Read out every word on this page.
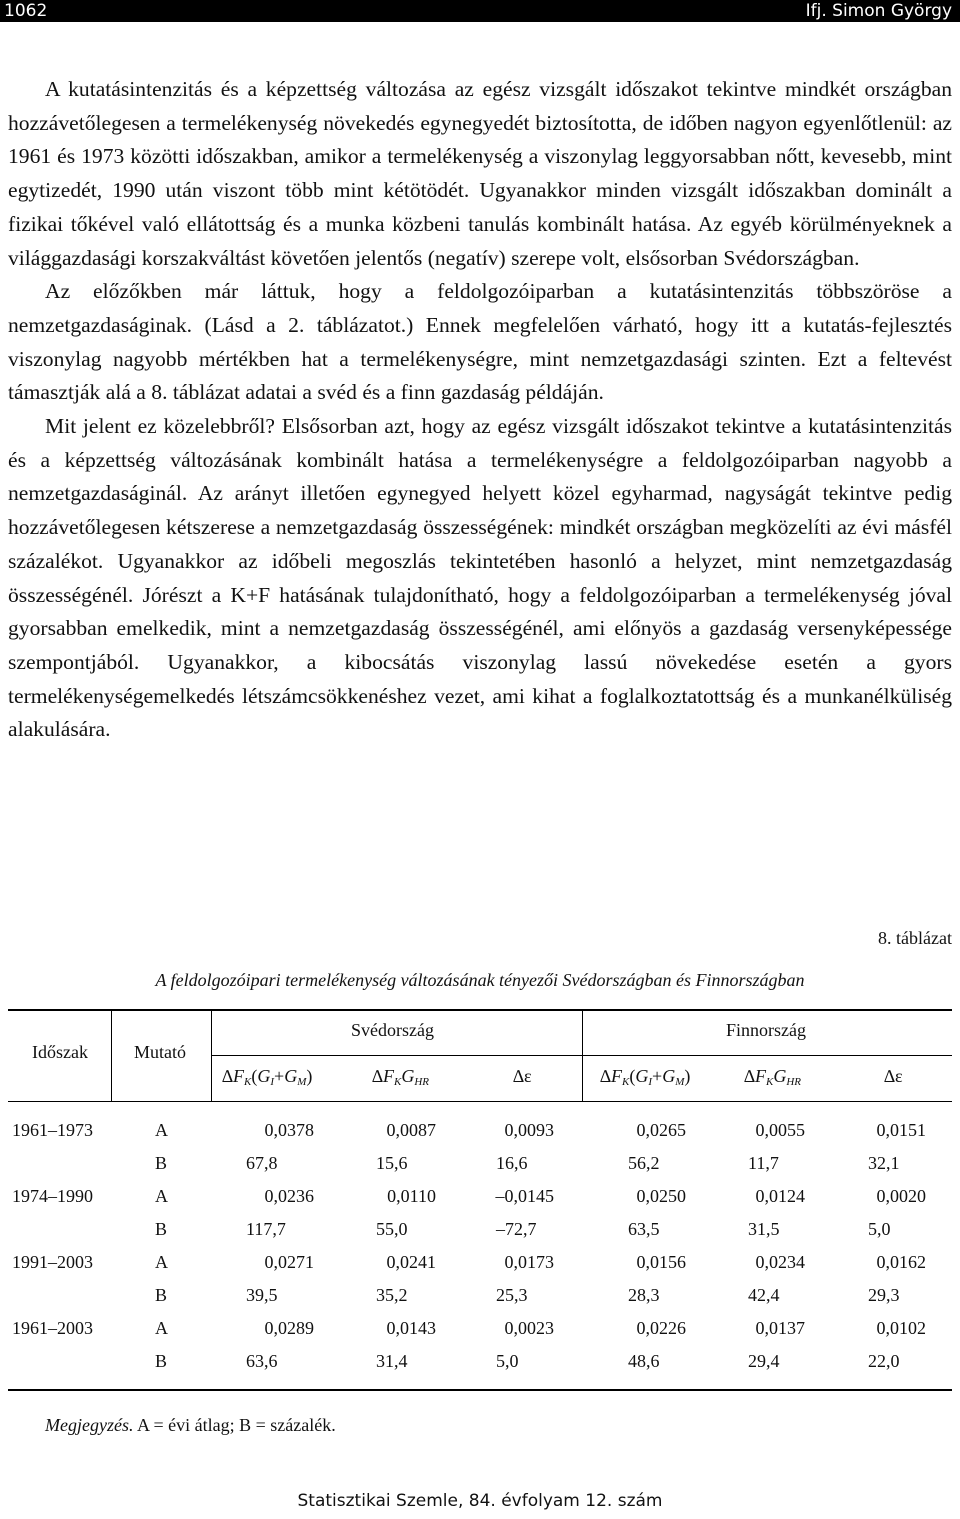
1062	Ifj. Simon György

A kutatásintenzitás és a képzettség változása az egész vizsgált időszakot tekintve mindkét országban hozzávetőlegesen a termelékenység növekedés egynegyedét biztosította, de időben nagyon egyenlőtlenül: az 1961 és 1973 közötti időszakban, amikor a termelékenység a viszonylag leggyorsabban nőtt, kevesebb, mint egytizedét, 1990 után viszont több mint kétötödét. Ugyanakkor minden vizsgált időszakban dominált a fizikai tőkével való ellátottság és a munka közbeni tanulás kombinált hatása. Az egyéb körülményeknek a világgazdasági korszakváltást követően jelentős (negatív) szerepe volt, elsősorban Svédországban.

Az előzőkben már láttuk, hogy a feldolgozóiparban a kutatásintenzitás többszöröse a nemzetgazdaságinak. (Lásd a 2. táblázatot.) Ennek megfelelően várható, hogy itt a kutatás-fejlesztés viszonylag nagyobb mértékben hat a termelékenységre, mint nemzetgazdasági szinten. Ezt a feltevést támasztják alá a 8. táblázat adatai a svéd és a finn gazdaság példáján.

Mit jelent ez közelebbről? Elsősorban azt, hogy az egész vizsgált időszakot tekintve a kutatásintenzitás és a képzettség változásának kombinált hatása a termelékenységre a feldolgozóiparban nagyobb a nemzetgazdaságinál. Az arányt illetően egynegyed helyett közel egyharmad, nagyságát tekintve pedig hozzávetőlegesen kétszerese a nemzetgazdaság összességének: mindkét országban megközelíti az évi másfél százalékot. Ugyanakkor az időbeli megoszlás tekintetében hasonló a helyzet, mint nemzetgazdaság összességénél. Jórészt a K+F hatásának tulajdonítható, hogy a feldolgozóiparban a termelékenység jóval gyorsabban emelkedik, mint a nemzetgazdaság összességénél, ami előnyös a gazdaság versenyképessége szempontjából. Ugyanakkor, a kibocsátás viszonylag lassú növekedése esetén a gyors termelékenységemelkedés létszámcsökkenéshez vezet, ami kihat a foglalkoztatottság és a munkanélküliség alakulására.

8. táblázat
A feldolgozóipari termelékenység változásának tényezői Svédországban és Finnországban
Időszak	Mutató
Svédország	Finnország
$\Delta F_K(G_I+G_M)$	$\Delta F_KG_{HR}$	∆ε	$\Delta F_K(G_I+G_M)$	$\Delta F_KG_{HR}$	∆ε
1961–1973	A	0,0378	0,0087	0,0093	0,0265	0,0055	0,0151
B	67,8	15,6	16,6	56,2	11,7	32,1
1974–1990	A	0,0236	0,0110	–0,0145	0,0250	0,0124	0,0020
B	117,7	55,0	–72,7	63,5	31,5	5,0
1991–2003	A	0,0271	0,0241	0,0173	0,0156	0,0234	0,0162
B	39,5	35,2	25,3	28,3	42,4	29,3
1961–2003	A	0,0289	0,0143	0,0023	0,0226	0,0137	0,0102
B	63,6	31,4	5,0	48,6	29,4	22,0
Megjegyzés. A = évi átlag; B = százalék.
Statisztikai Szemle, 84. évfolyam 12. szám
